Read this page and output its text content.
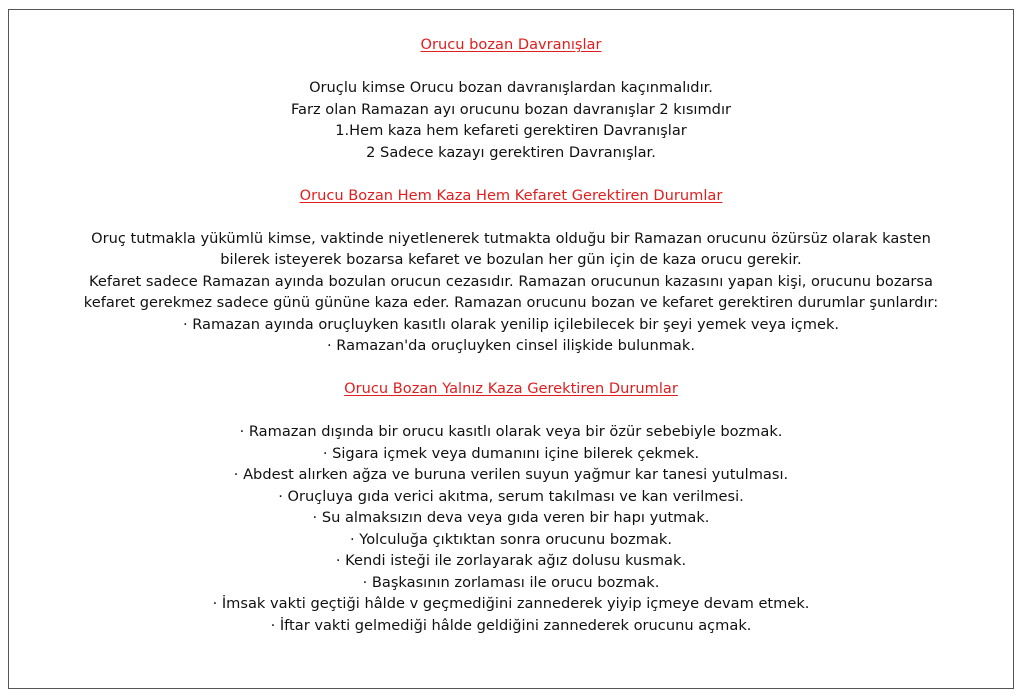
Orucu bozan Davranışlar
Oruçlu kimse Orucu bozan davranışlardan kaçınmalıdır.
Farz olan Ramazan ayı orucunu bozan davranışlar 2 kısımdır
1.Hem kaza hem kefareti gerektiren Davranışlar
2 Sadece kazayı gerektiren Davranışlar.
Orucu Bozan Hem Kaza Hem Kefaret Gerektiren Durumlar
Oruç tutmakla yükümlü kimse, vaktinde niyetlenerek tutmakta olduğu bir Ramazan orucunu özürsüz olarak kasten
bilerek isteyerek bozarsa kefaret ve bozulan her gün için de kaza orucu gerekir.
Kefaret sadece Ramazan ayında bozulan orucun cezasıdır. Ramazan orucunun kazasını yapan kişi, orucunu bozarsa
kefaret gerekmez sadece günü gününe kaza eder. Ramazan orucunu bozan ve kefaret gerektiren durumlar şunlardır:
· Ramazan ayında oruçluyken kasıtlı olarak yenilip içilebilecek bir şeyi yemek veya içmek.
· Ramazan'da oruçluyken cinsel ilişkide bulunmak.
Orucu Bozan Yalnız Kaza Gerektiren Durumlar
· Ramazan dışında bir orucu kasıtlı olarak veya bir özür sebebiyle bozmak.
· Sigara içmek veya dumanını içine bilerek çekmek.
· Abdest alırken ağza ve buruna verilen suyun yağmur kar tanesi yutulması.
· Oruçluya gıda verici akıtma, serum takılması ve kan verilmesi.
· Su almaksızın deva veya gıda veren bir hapı yutmak.
· Yolculuğa çıktıktan sonra orucunu bozmak.
· Kendi isteği ile zorlayarak ağız dolusu kusmak.
· Başkasının zorlaması ile orucu bozmak.
· İmsak vakti geçtiği hâlde v geçmediğini zannederek yiyip içmeye devam etmek.
· İftar vakti gelmediği hâlde geldiğini zannederek orucunu açmak.
